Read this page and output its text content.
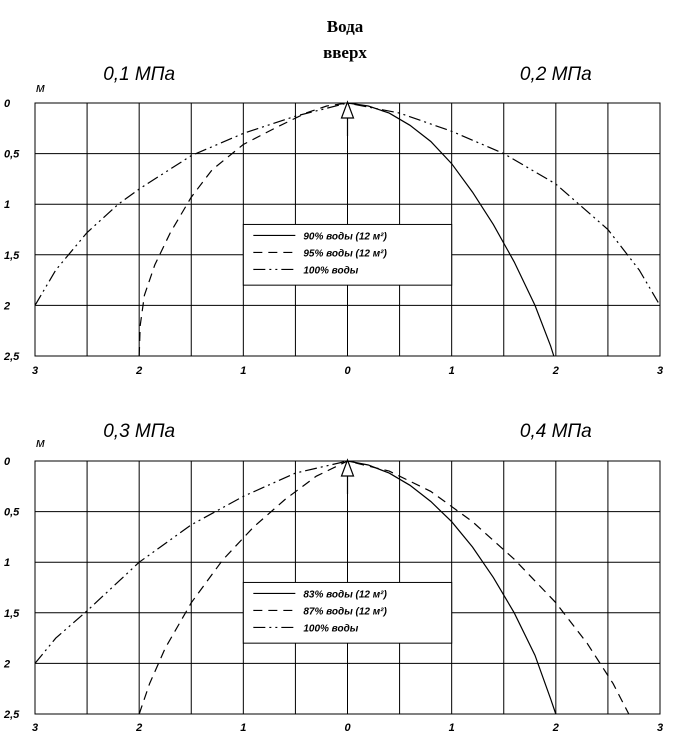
Вода
вверх
0,1 МПа	0,2 МПа
м
0
0,5
1
1,5
2
2,5
3	2	1	0	1	2	3
90% воды (12 м²)
95% воды (12 м²)
100% воды
0,3 МПа	0,4 МПа
м
0
0,5
1
1,5
2
2,5
3	2	1	0	1	2	3
83% воды (12 м²)
87% воды (12 м²)
100% воды
